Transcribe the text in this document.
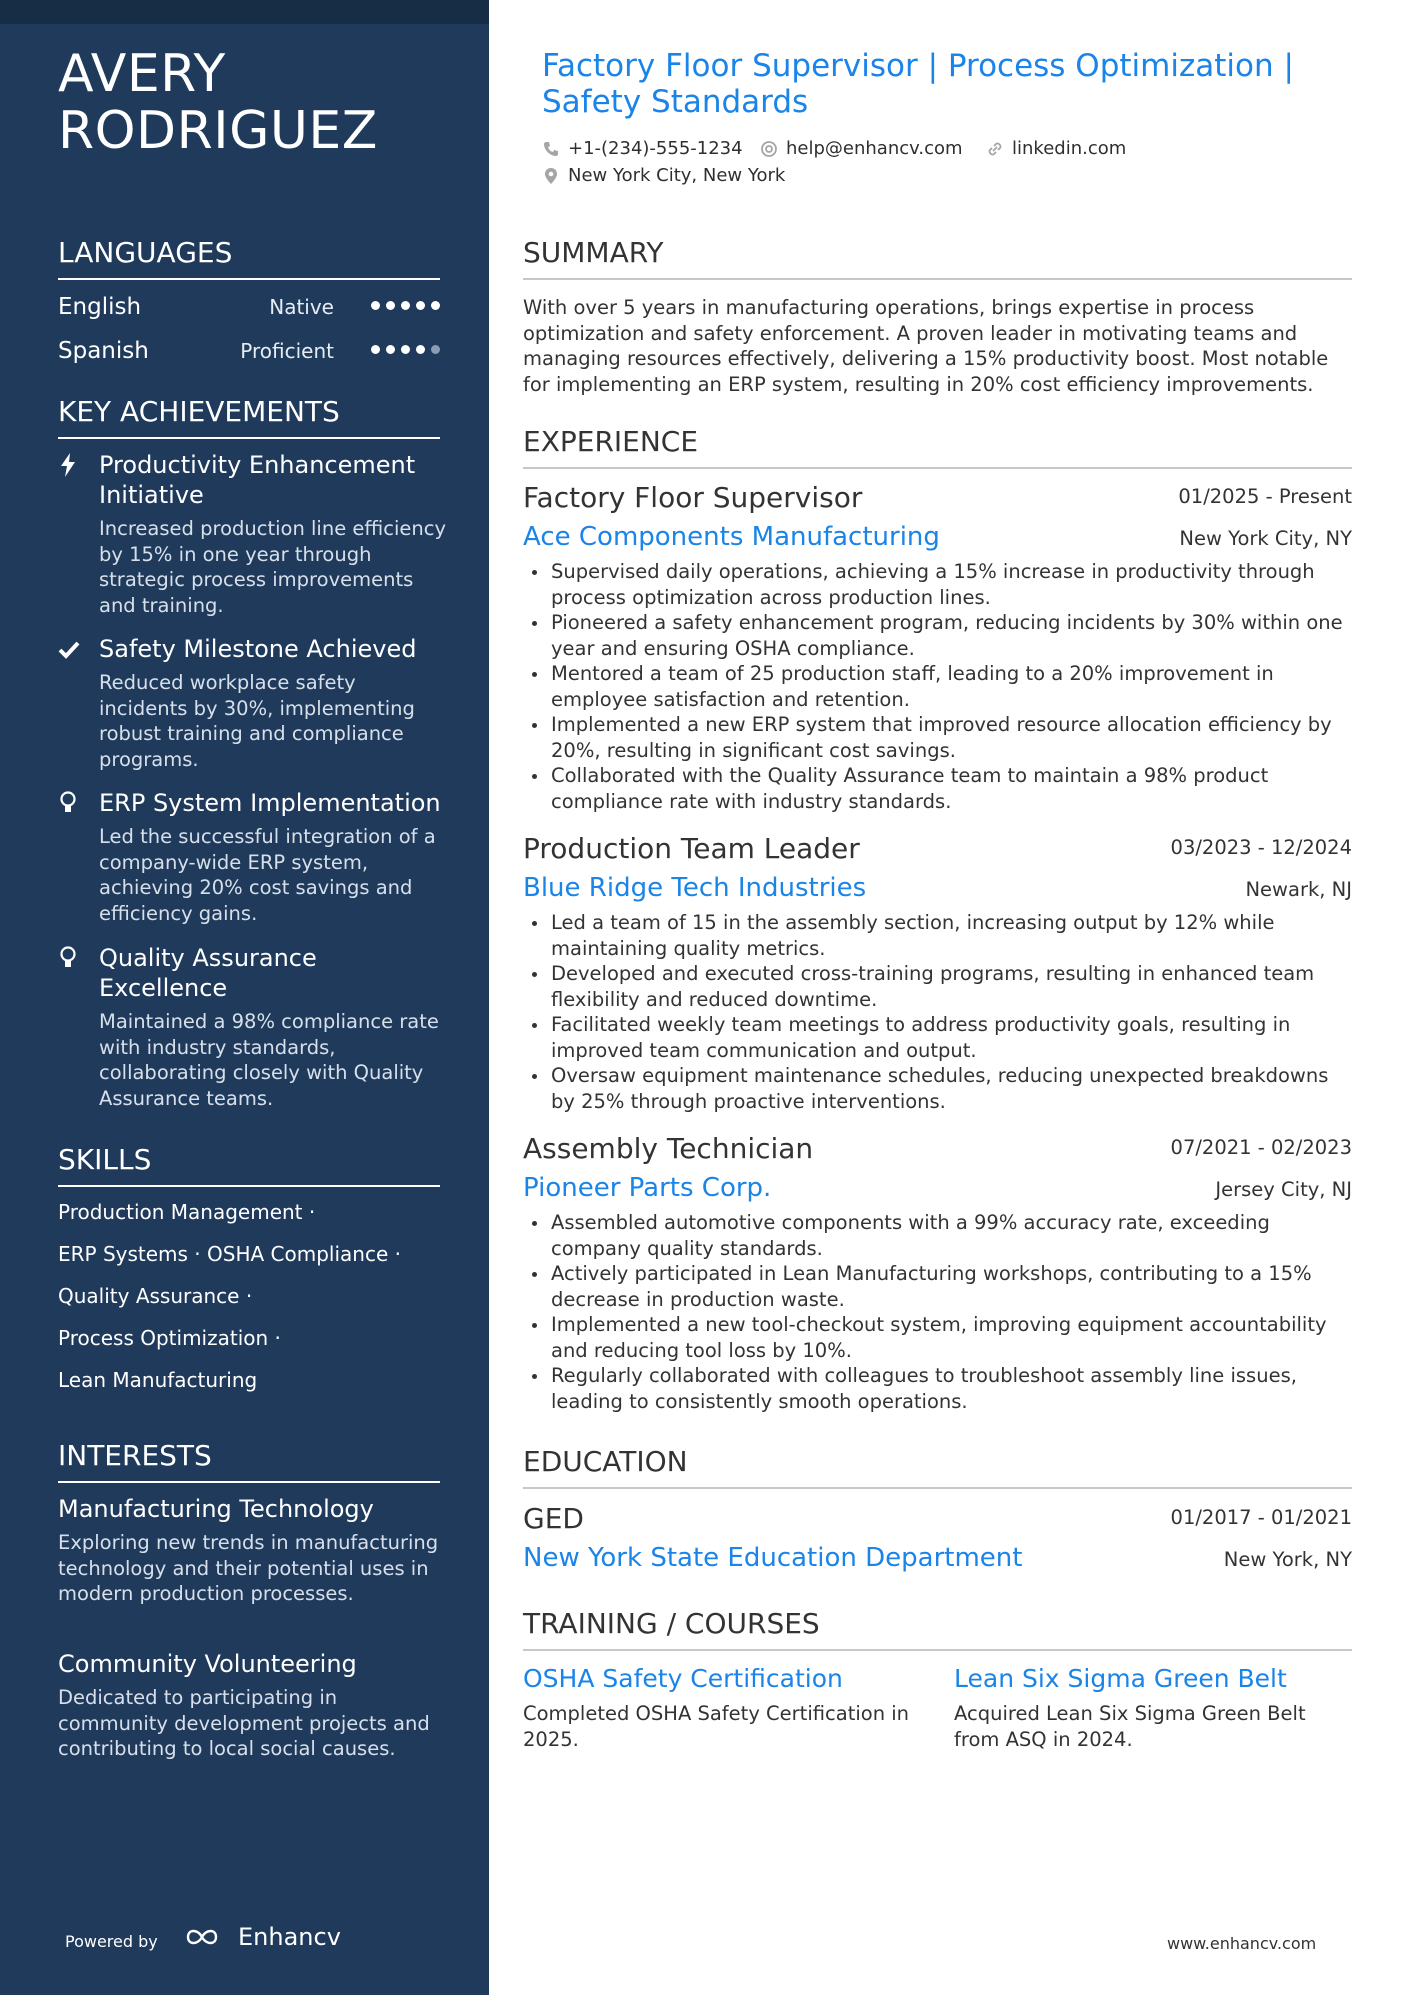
AVERY
RODRIGUEZ
LANGUAGES
English	Native
Spanish	Proficient
KEY ACHIEVEMENTS
Productivity Enhancement Initiative
Increased production line efficiency by 15% in one year through strategic process improvements and training.
Safety Milestone Achieved
Reduced workplace safety incidents by 30%, implementing robust training and compliance programs.
ERP System Implementation
Led the successful integration of a company-wide ERP system, achieving 20% cost savings and efficiency gains.
Quality Assurance Excellence
Maintained a 98% compliance rate with industry standards, collaborating closely with Quality Assurance teams.
SKILLS
Production Management ·
ERP Systems · OSHA Compliance ·
Quality Assurance ·
Process Optimization ·
Lean Manufacturing
INTERESTS
Manufacturing Technology
Exploring new trends in manufacturing technology and their potential uses in modern production processes.
Community Volunteering
Dedicated to participating in community development projects and contributing to local social causes.
Powered by	Enhancv
Factory Floor Supervisor | Process Optimization | Safety Standards
+1-(234)-555-1234 help@enhancv.com	linkedin.com
New York City, New York
SUMMARY
With over 5 years in manufacturing operations, brings expertise in process optimization and safety enforcement. A proven leader in motivating teams and managing resources effectively, delivering a 15% productivity boost. Most notable for implementing an ERP system, resulting in 20% cost efficiency improvements.
EXPERIENCE
Factory Floor Supervisor	01/2025 - Present
Ace Components Manufacturing	New York City, NY
Supervised daily operations, achieving a 15% increase in productivity through process optimization across production lines.
Pioneered a safety enhancement program, reducing incidents by 30% within one year and ensuring OSHA compliance.
Mentored a team of 25 production staff, leading to a 20% improvement in employee satisfaction and retention.
Implemented a new ERP system that improved resource allocation efficiency by 20%, resulting in significant cost savings.
Collaborated with the Quality Assurance team to maintain a 98% product compliance rate with industry standards.
Production Team Leader	03/2023 - 12/2024
Blue Ridge Tech Industries	Newark, NJ
Led a team of 15 in the assembly section, increasing output by 12% while maintaining quality metrics.
Developed and executed cross-training programs, resulting in enhanced team flexibility and reduced downtime.
Facilitated weekly team meetings to address productivity goals, resulting in improved team communication and output.
Oversaw equipment maintenance schedules, reducing unexpected breakdowns by 25% through proactive interventions.
Assembly Technician	07/2021 - 02/2023
Pioneer Parts Corp.	Jersey City, NJ
Assembled automotive components with a 99% accuracy rate, exceeding company quality standards.
Actively participated in Lean Manufacturing workshops, contributing to a 15% decrease in production waste.
Implemented a new tool-checkout system, improving equipment accountability and reducing tool loss by 10%.
Regularly collaborated with colleagues to troubleshoot assembly line issues, leading to consistently smooth operations.
EDUCATION
GED	01/2017 - 01/2021
New York State Education Department	New York, NY
TRAINING / COURSES
OSHA Safety Certification
Completed OSHA Safety Certification in 2025.
Lean Six Sigma Green Belt
Acquired Lean Six Sigma Green Belt from ASQ in 2024.
www.enhancv.com
